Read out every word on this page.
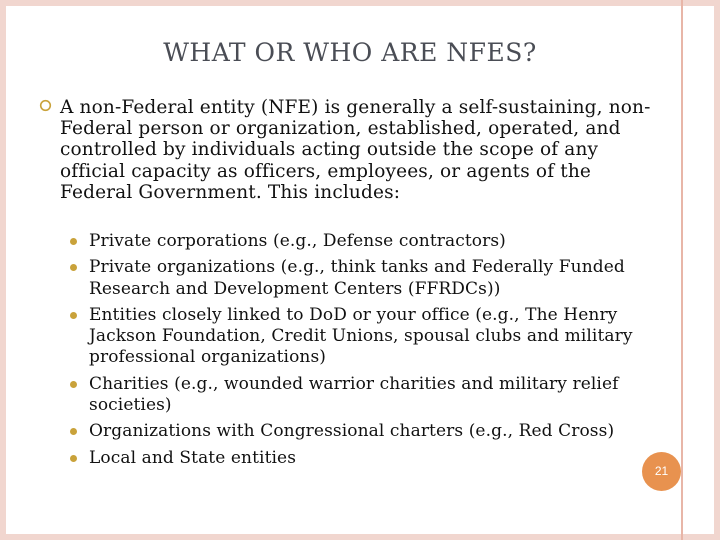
WHAT OR WHO ARE NFES?
A non-Federal entity (NFE) is generally a self-sustaining, non-Federal person or organization, established, operated, and controlled by individuals acting outside the scope of any official capacity as officers, employees, or agents of the Federal Government. This includes:
Private corporations (e.g., Defense contractors)
Private organizations (e.g., think tanks and Federally Funded Research and Development Centers (FFRDCs))
Entities closely linked to DoD or your office (e.g., The Henry Jackson Foundation, Credit Unions, spousal clubs and military professional organizations)
Charities (e.g., wounded warrior charities and military relief societies)
Organizations with Congressional charters (e.g., Red Cross)
Local and State entities
21
